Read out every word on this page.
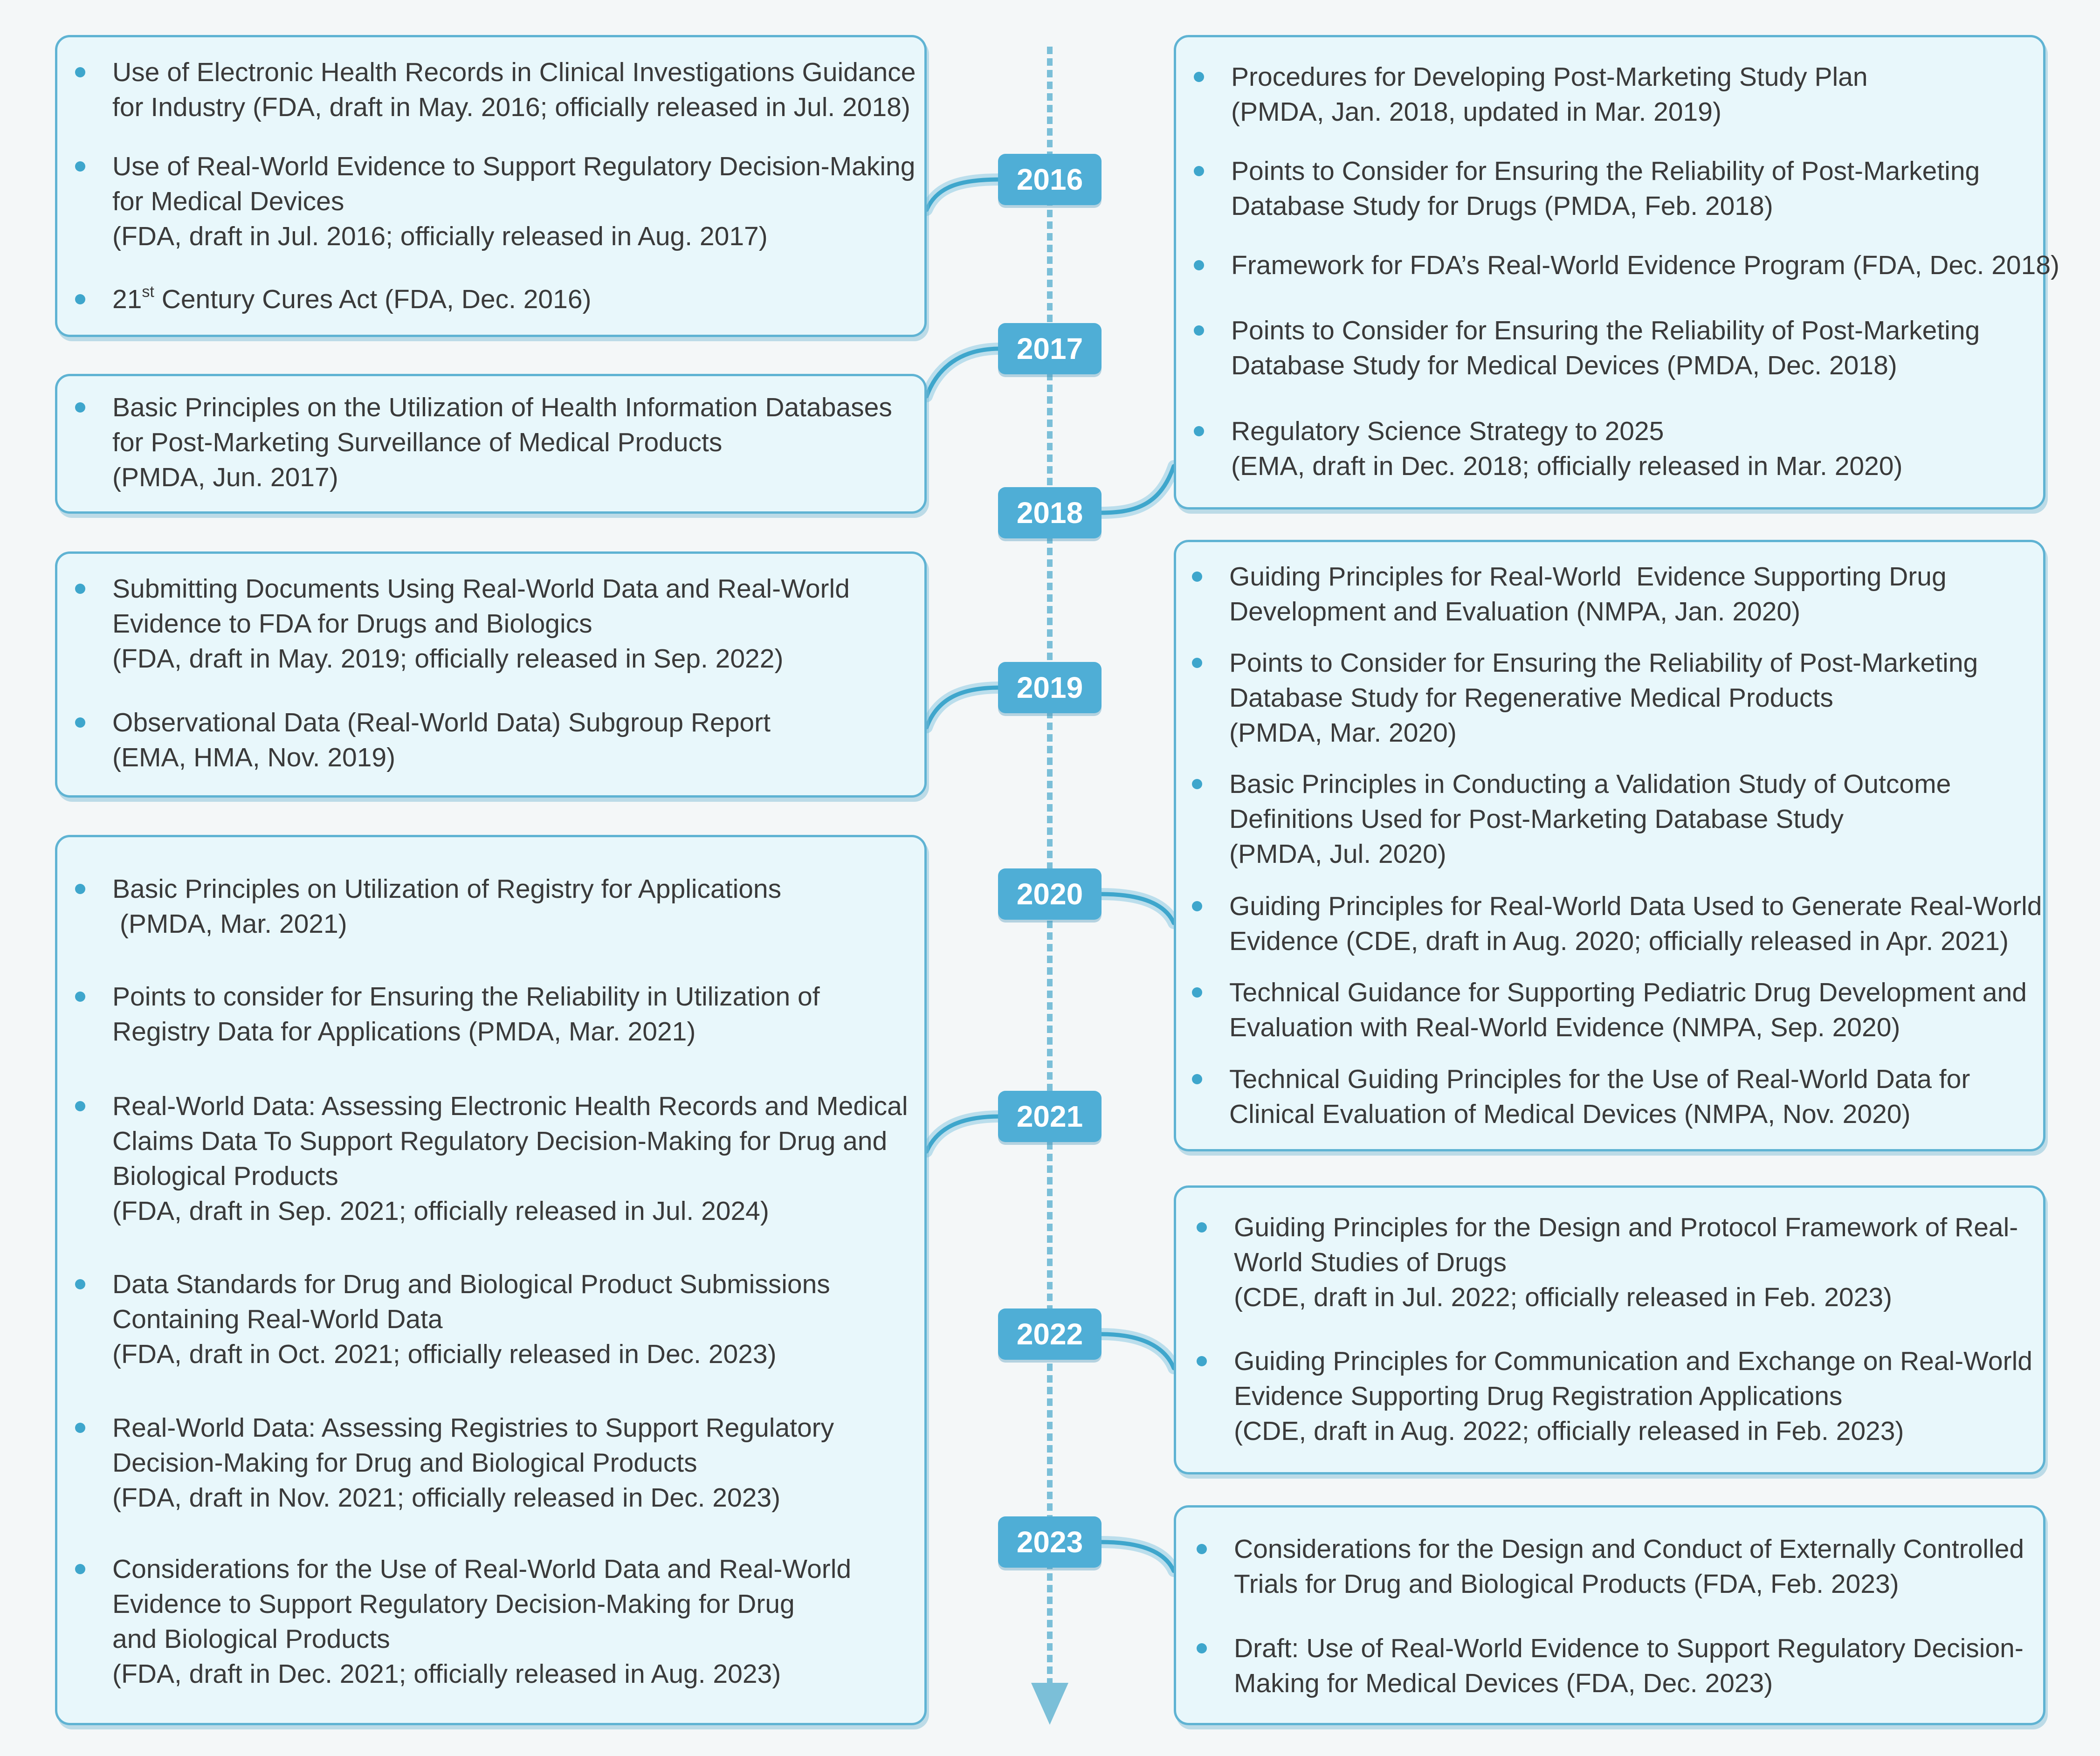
2016
2017
2018
2019
2020
2021
2022
2023

Use of Electronic Health Records in Clinical Investigations Guidance
for Industry (FDA, draft in May. 2016; officially released in Jul. 2018)

Use of Real-World Evidence to Support Regulatory Decision-Making
for Medical Devices
(FDA, draft in Jul. 2016; officially released in Aug. 2017)

21st Century Cures Act (FDA, Dec. 2016)

Basic Principles on the Utilization of Health Information Databases
for Post-Marketing Surveillance of Medical Products
(PMDA, Jun. 2017)

Submitting Documents Using Real-World Data and Real-World
Evidence to FDA for Drugs and Biologics
(FDA, draft in May. 2019; officially released in Sep. 2022)

Observational Data (Real-World Data) Subgroup Report
(EMA, HMA, Nov. 2019)

Basic Principles on Utilization of Registry for Applications
(PMDA, Mar. 2021)

Points to consider for Ensuring the Reliability in Utilization of
Registry Data for Applications (PMDA, Mar. 2021)

Real-World Data: Assessing Electronic Health Records and Medical
Claims Data To Support Regulatory Decision-Making for Drug and
Biological Products
(FDA, draft in Sep. 2021; officially released in Jul. 2024)

Data Standards for Drug and Biological Product Submissions
Containing Real-World Data
(FDA, draft in Oct. 2021; officially released in Dec. 2023)

Real-World Data: Assessing Registries to Support Regulatory
Decision-Making for Drug and Biological Products
(FDA, draft in Nov. 2021; officially released in Dec. 2023)

Considerations for the Use of Real-World Data and Real-World
Evidence to Support Regulatory Decision-Making for Drug
and Biological Products
(FDA, draft in Dec. 2021; officially released in Aug. 2023)

Procedures for Developing Post-Marketing Study Plan
(PMDA, Jan. 2018, updated in Mar. 2019)

Points to Consider for Ensuring the Reliability of Post-Marketing
Database Study for Drugs (PMDA, Feb. 2018)

Framework for FDA’s Real-World Evidence Program (FDA, Dec. 2018)

Points to Consider for Ensuring the Reliability of Post-Marketing
Database Study for Medical Devices (PMDA, Dec. 2018)

Regulatory Science Strategy to 2025
(EMA, draft in Dec. 2018; officially released in Mar. 2020)

Guiding Principles for Real-World  Evidence Supporting Drug
Development and Evaluation (NMPA, Jan. 2020)

Points to Consider for Ensuring the Reliability of Post-Marketing
Database Study for Regenerative Medical Products
(PMDA, Mar. 2020)

Basic Principles in Conducting a Validation Study of Outcome
Definitions Used for Post-Marketing Database Study
(PMDA, Jul. 2020)

Guiding Principles for Real-World Data Used to Generate Real-World
Evidence (CDE, draft in Aug. 2020; officially released in Apr. 2021)

Technical Guidance for Supporting Pediatric Drug Development and
Evaluation with Real-World Evidence (NMPA, Sep. 2020)

Technical Guiding Principles for the Use of Real-World Data for
Clinical Evaluation of Medical Devices (NMPA, Nov. 2020)

Guiding Principles for the Design and Protocol Framework of Real-
World Studies of Drugs
(CDE, draft in Jul. 2022; officially released in Feb. 2023)

Guiding Principles for Communication and Exchange on Real-World
Evidence Supporting Drug Registration Applications
(CDE, draft in Aug. 2022; officially released in Feb. 2023)

Considerations for the Design and Conduct of Externally Controlled
Trials for Drug and Biological Products (FDA, Feb. 2023)

Draft: Use of Real-World Evidence to Support Regulatory Decision-
Making for Medical Devices (FDA, Dec. 2023)
